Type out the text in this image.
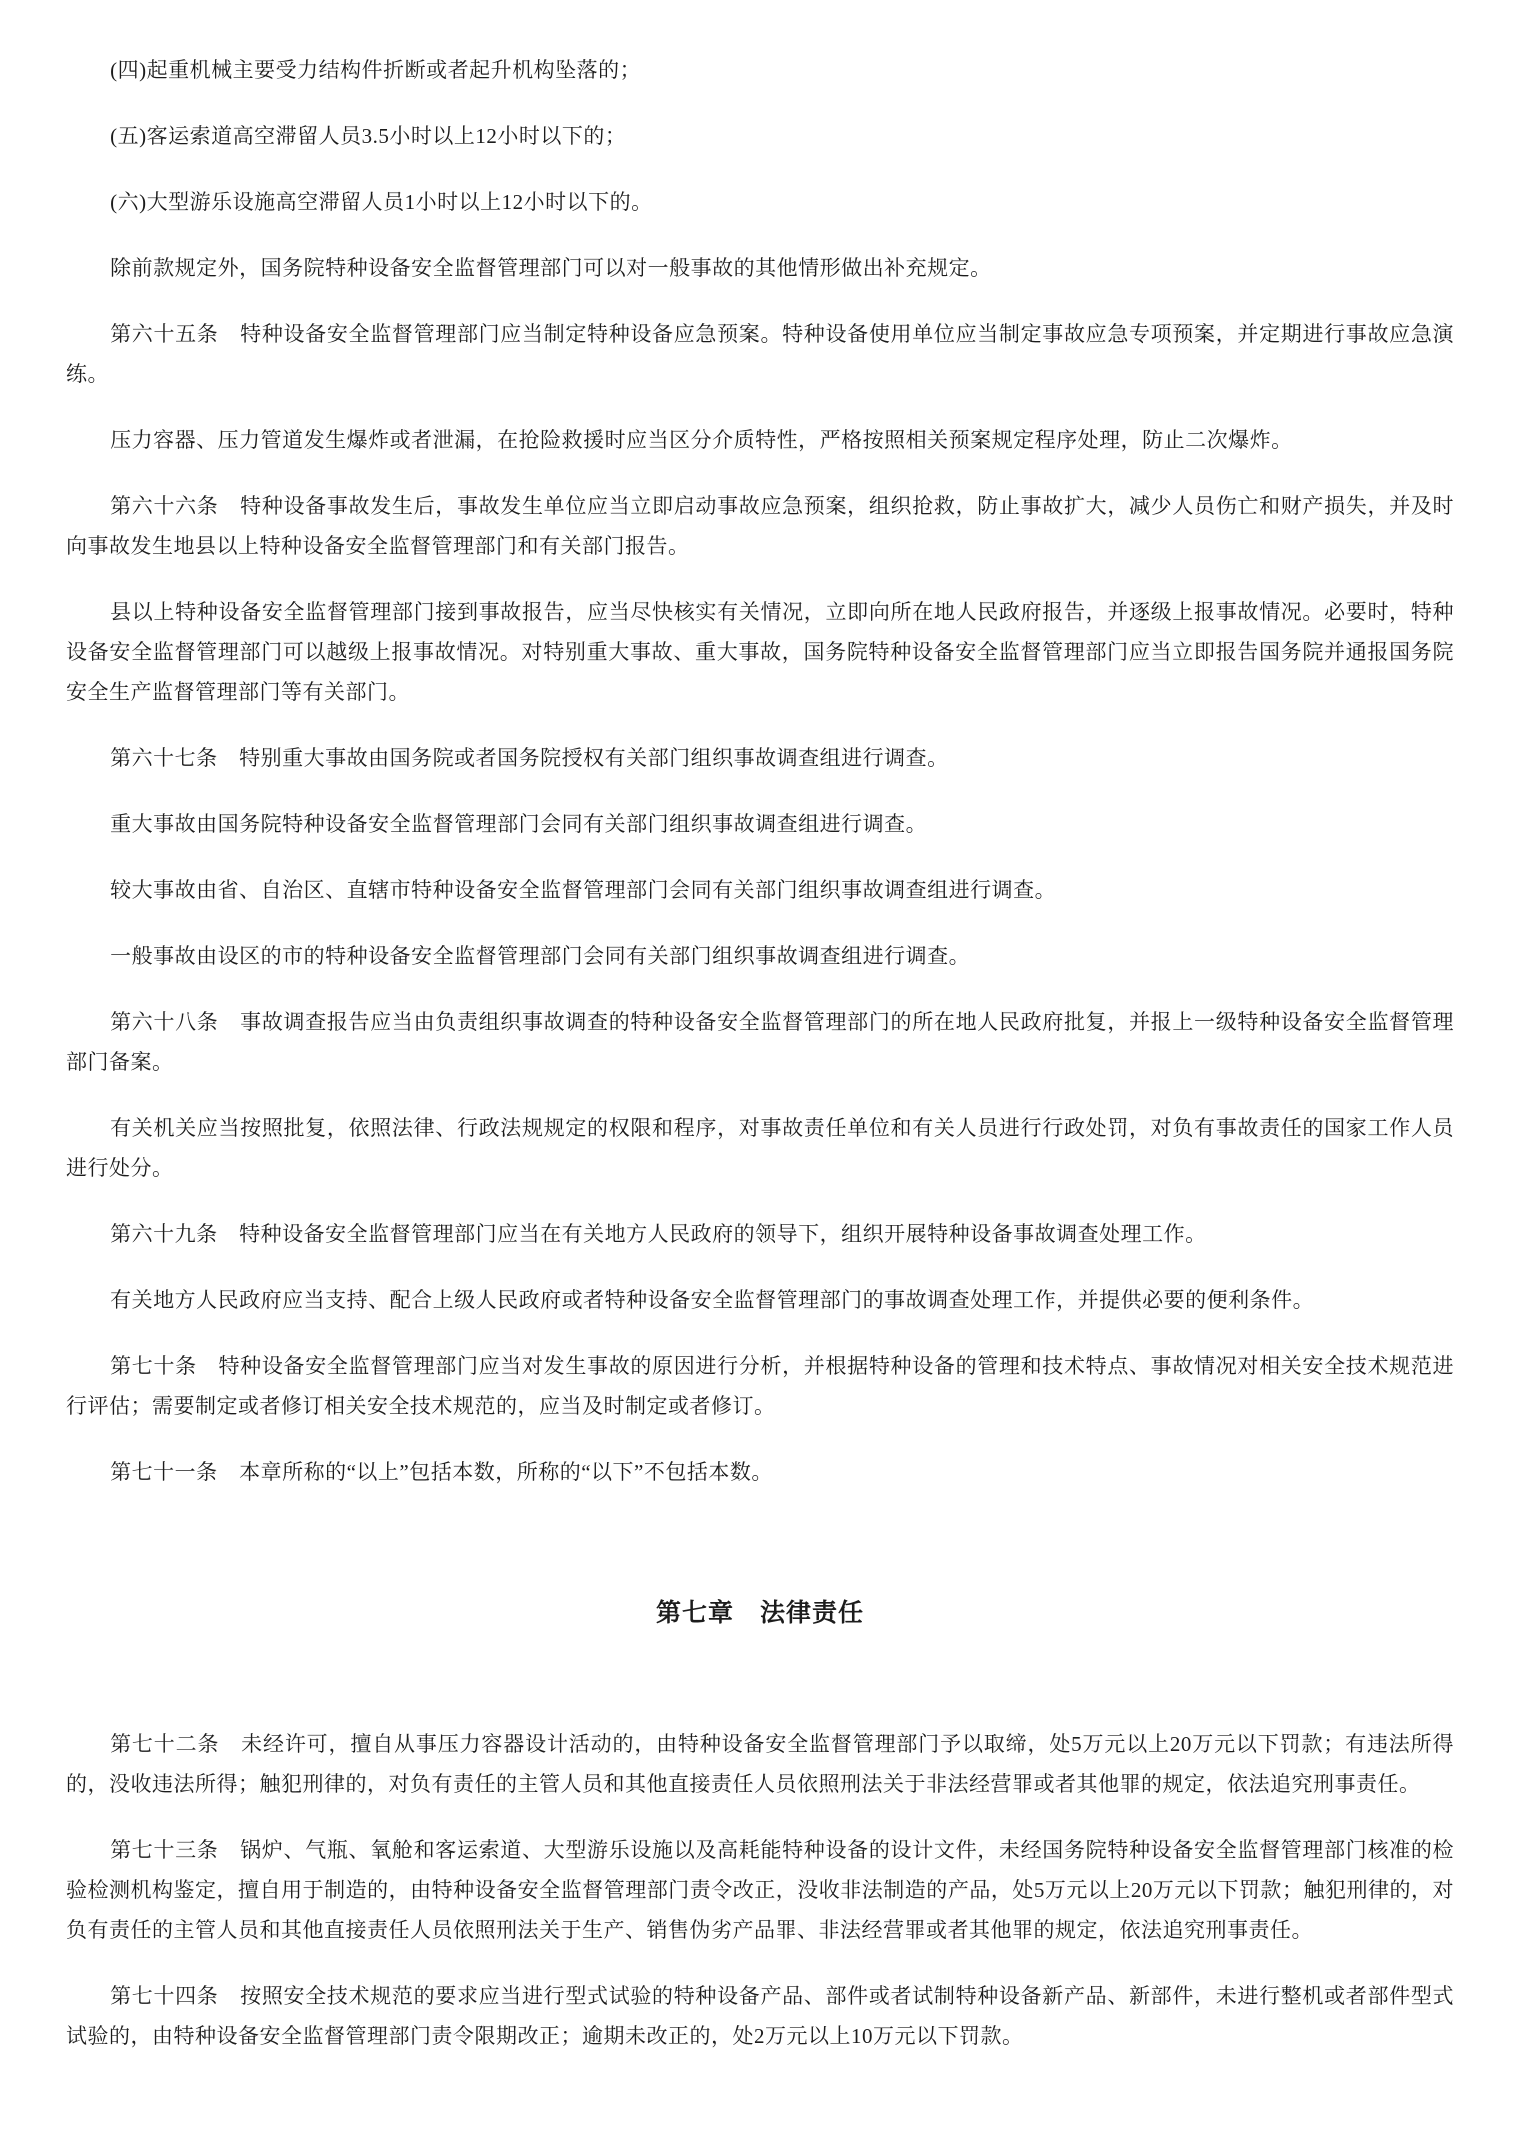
(四)起重机械主要受力结构件折断或者起升机构坠落的；

(五)客运索道高空滞留人员3.5小时以上12小时以下的；

(六)大型游乐设施高空滞留人员1小时以上12小时以下的。

除前款规定外，国务院特种设备安全监督管理部门可以对一般事故的其他情形做出补充规定。

第六十五条　特种设备安全监督管理部门应当制定特种设备应急预案。特种设备使用单位应当制定事故应急专项预案，并定期进行事故应急演练。

压力容器、压力管道发生爆炸或者泄漏，在抢险救援时应当区分介质特性，严格按照相关预案规定程序处理，防止二次爆炸。

第六十六条　特种设备事故发生后，事故发生单位应当立即启动事故应急预案，组织抢救，防止事故扩大，减少人员伤亡和财产损失，并及时向事故发生地县以上特种设备安全监督管理部门和有关部门报告。

县以上特种设备安全监督管理部门接到事故报告，应当尽快核实有关情况，立即向所在地人民政府报告，并逐级上报事故情况。必要时，特种设备安全监督管理部门可以越级上报事故情况。对特别重大事故、重大事故，国务院特种设备安全监督管理部门应当立即报告国务院并通报国务院安全生产监督管理部门等有关部门。

第六十七条　特别重大事故由国务院或者国务院授权有关部门组织事故调查组进行调查。

重大事故由国务院特种设备安全监督管理部门会同有关部门组织事故调查组进行调查。

较大事故由省、自治区、直辖市特种设备安全监督管理部门会同有关部门组织事故调查组进行调查。

一般事故由设区的市的特种设备安全监督管理部门会同有关部门组织事故调查组进行调查。

第六十八条　事故调查报告应当由负责组织事故调查的特种设备安全监督管理部门的所在地人民政府批复，并报上一级特种设备安全监督管理部门备案。

有关机关应当按照批复，依照法律、行政法规规定的权限和程序，对事故责任单位和有关人员进行行政处罚，对负有事故责任的国家工作人员进行处分。

第六十九条　特种设备安全监督管理部门应当在有关地方人民政府的领导下，组织开展特种设备事故调查处理工作。

有关地方人民政府应当支持、配合上级人民政府或者特种设备安全监督管理部门的事故调查处理工作，并提供必要的便利条件。

第七十条　特种设备安全监督管理部门应当对发生事故的原因进行分析，并根据特种设备的管理和技术特点、事故情况对相关安全技术规范进行评估；需要制定或者修订相关安全技术规范的，应当及时制定或者修订。

第七十一条　本章所称的“以上”包括本数，所称的“以下”不包括本数。

第七章　法律责任

第七十二条　未经许可，擅自从事压力容器设计活动的，由特种设备安全监督管理部门予以取缔，处5万元以上20万元以下罚款；有违法所得的，没收违法所得；触犯刑律的，对负有责任的主管人员和其他直接责任人员依照刑法关于非法经营罪或者其他罪的规定，依法追究刑事责任。

第七十三条　锅炉、气瓶、氧舱和客运索道、大型游乐设施以及高耗能特种设备的设计文件，未经国务院特种设备安全监督管理部门核准的检验检测机构鉴定，擅自用于制造的，由特种设备安全监督管理部门责令改正，没收非法制造的产品，处5万元以上20万元以下罚款；触犯刑律的，对负有责任的主管人员和其他直接责任人员依照刑法关于生产、销售伪劣产品罪、非法经营罪或者其他罪的规定，依法追究刑事责任。

第七十四条　按照安全技术规范的要求应当进行型式试验的特种设备产品、部件或者试制特种设备新产品、新部件，未进行整机或者部件型式试验的，由特种设备安全监督管理部门责令限期改正；逾期未改正的，处2万元以上10万元以下罚款。
